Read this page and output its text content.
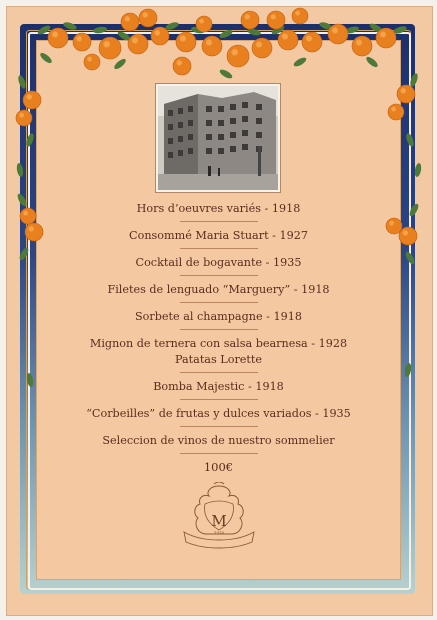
Hors d’oeuvres variés - 1918

Consommé Maria Stuart - 1927

Cocktail de bogavante - 1935

Filetes de lenguado “Marguery” - 1918

Sorbete al champagne - 1918

Mignon de ternera con salsa bearnesa - 1928

Patatas Lorette

Bomba Majestic - 1918

“Corbeilles” de frutas y dulces variados - 1935

Seleccion de vinos de nuestro sommelier

100€

M
1918
